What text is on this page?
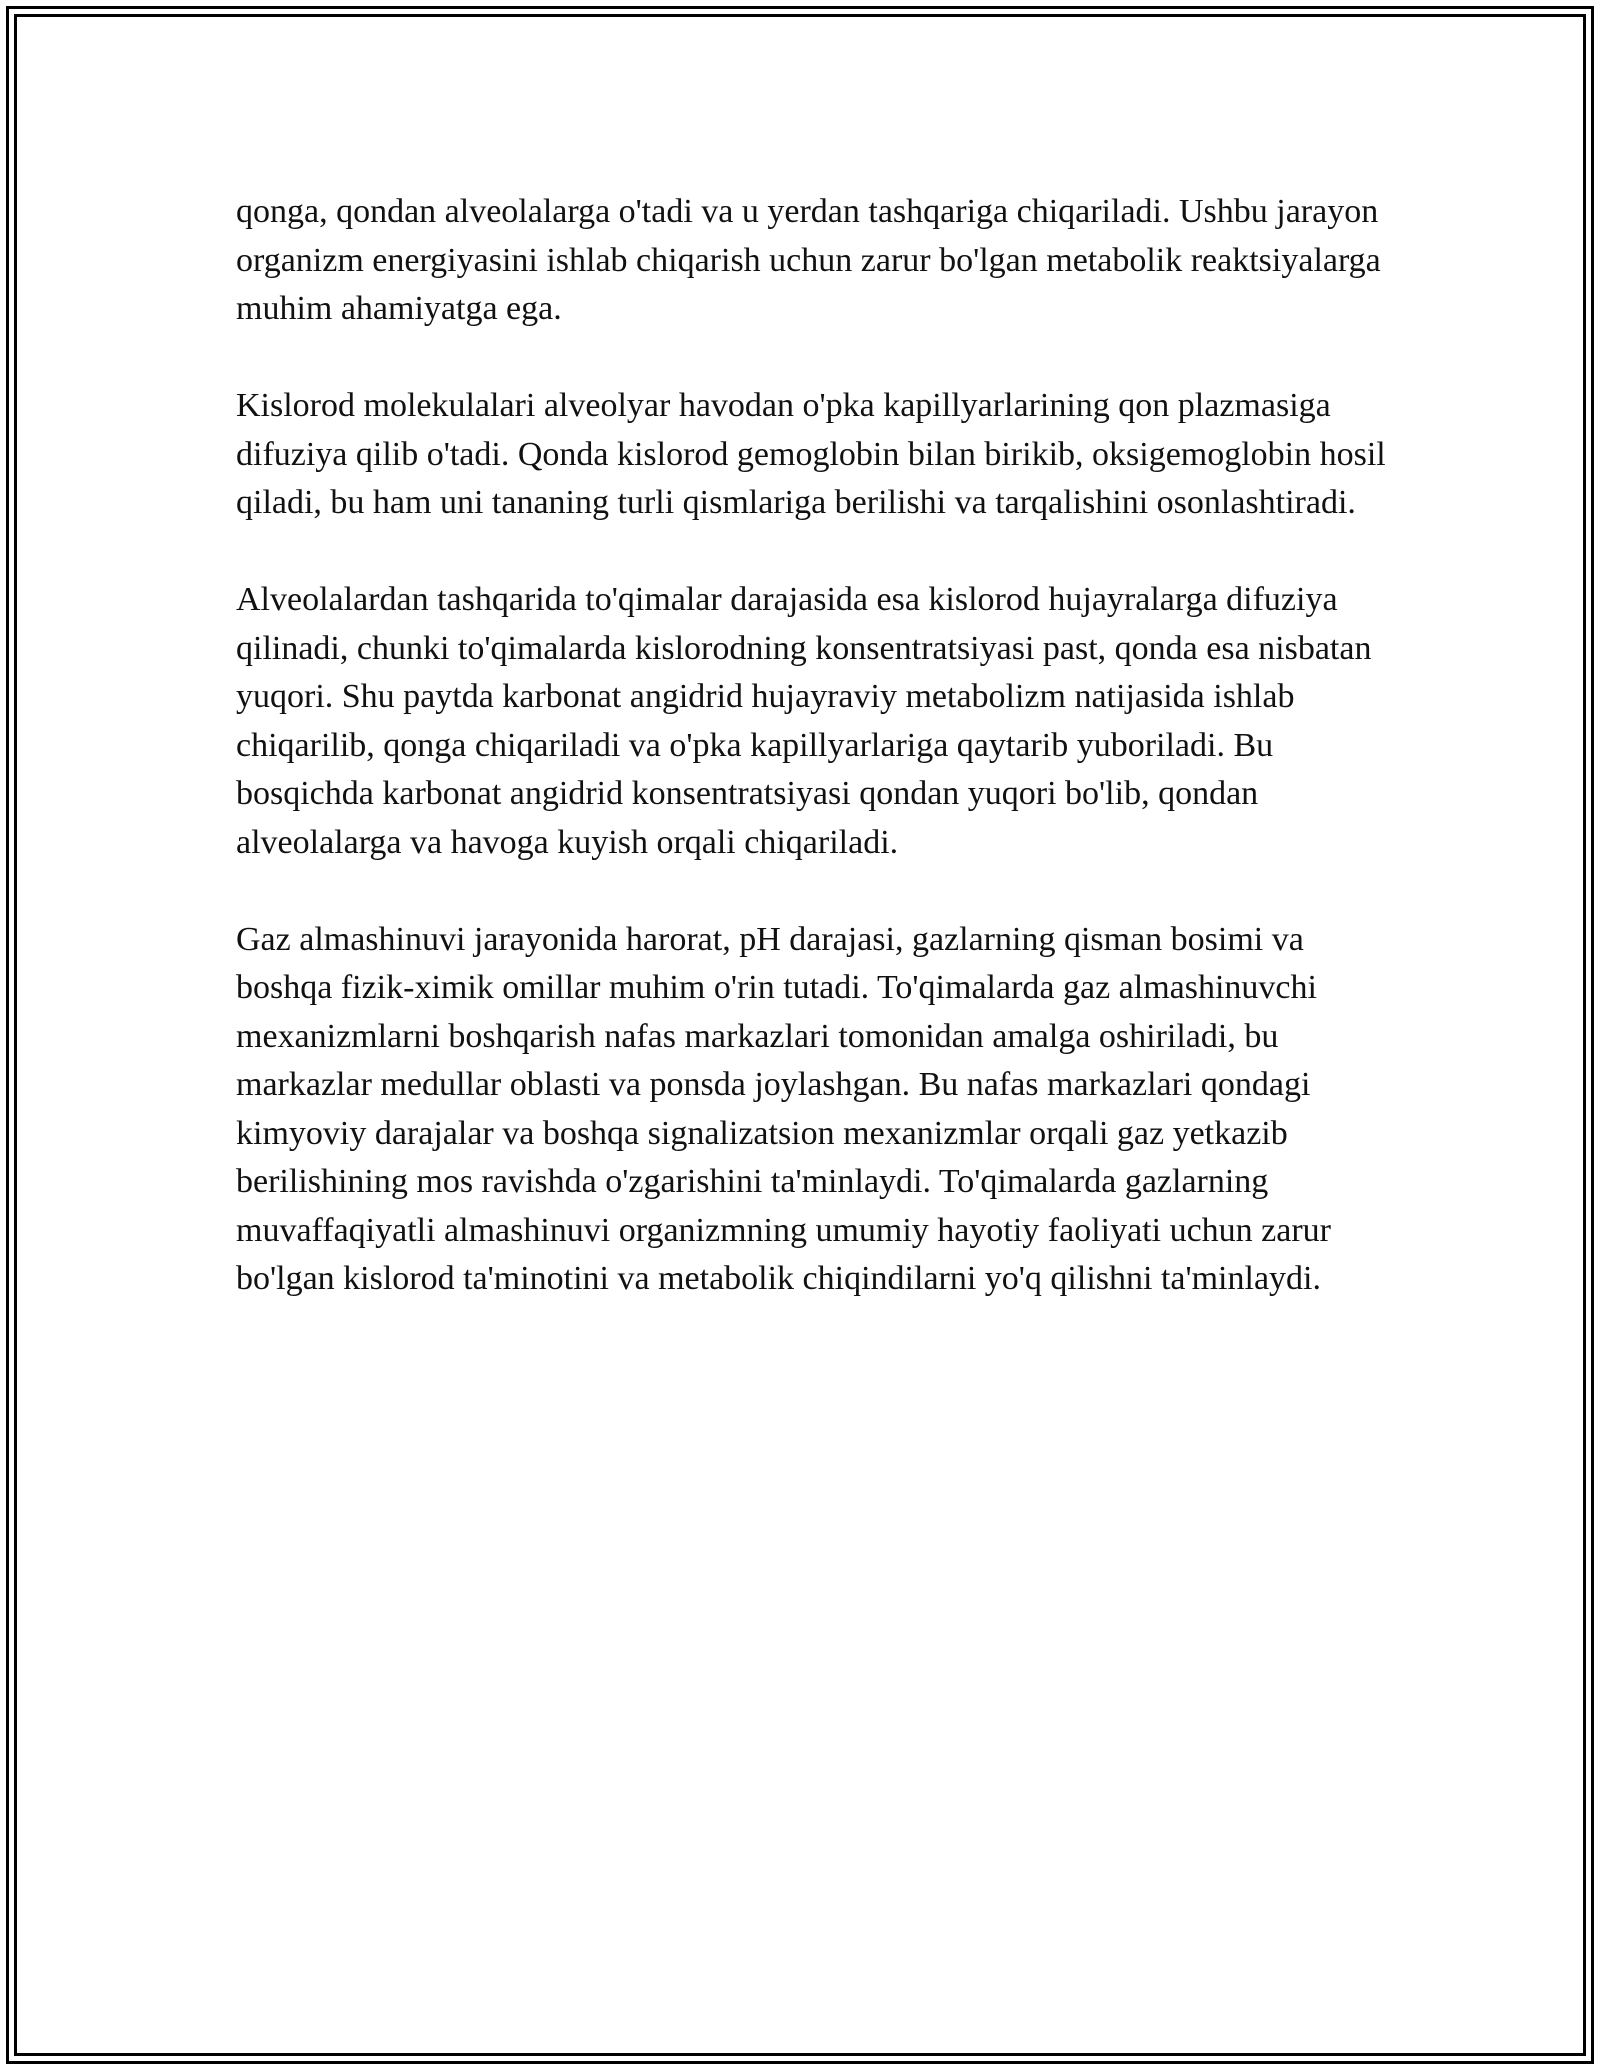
qonga, qondan alveolalarga o'tadi va u yerdan tashqariga chiqariladi. Ushbu jarayon organizm energiyasini ishlab chiqarish uchun zarur bo'lgan metabolik reaktsiyalarga muhim ahamiyatga ega.

Kislorod molekulalari alveolyar havodan o'pka kapillyarlarining qon plazmasiga difuziya qilib o'tadi. Qonda kislorod gemoglobin bilan birikib, oksigemoglobin hosil qiladi, bu ham uni tananing turli qismlariga berilishi va tarqalishini osonlashtiradi.

Alveolalardan tashqarida to'qimalar darajasida esa kislorod hujayralarga difuziya qilinadi, chunki to'qimalarda kislorodning konsentratsiyasi past, qonda esa nisbatan yuqori. Shu paytda karbonat angidrid hujayraviy metabolizm natijasida ishlab chiqarilib, qonga chiqariladi va o'pka kapillyarlariga qaytarib yuboriladi. Bu bosqichda karbonat angidrid konsentratsiyasi qondan yuqori bo'lib, qondan alveolalarga va havoga kuyish orqali chiqariladi.

Gaz almashinuvi jarayonida harorat, pH darajasi, gazlarning qisman bosimi va boshqa fizik-ximik omillar muhim o'rin tutadi. To'qimalarda gaz almashinuvchi mexanizmlarni boshqarish nafas markazlari tomonidan amalga oshiriladi, bu markazlar medullar oblasti va ponsda joylashgan. Bu nafas markazlari qondagi kimyoviy darajalar va boshqa signalizatsion mexanizmlar orqali gaz yetkazib berilishining mos ravishda o'zgarishini ta'minlaydi. To'qimalarda gazlarning muvaffaqiyatli almashinuvi organizmning umumiy hayotiy faoliyati uchun zarur bo'lgan kislorod ta'minotini va metabolik chiqindilarni yo'q qilishni ta'minlaydi.
